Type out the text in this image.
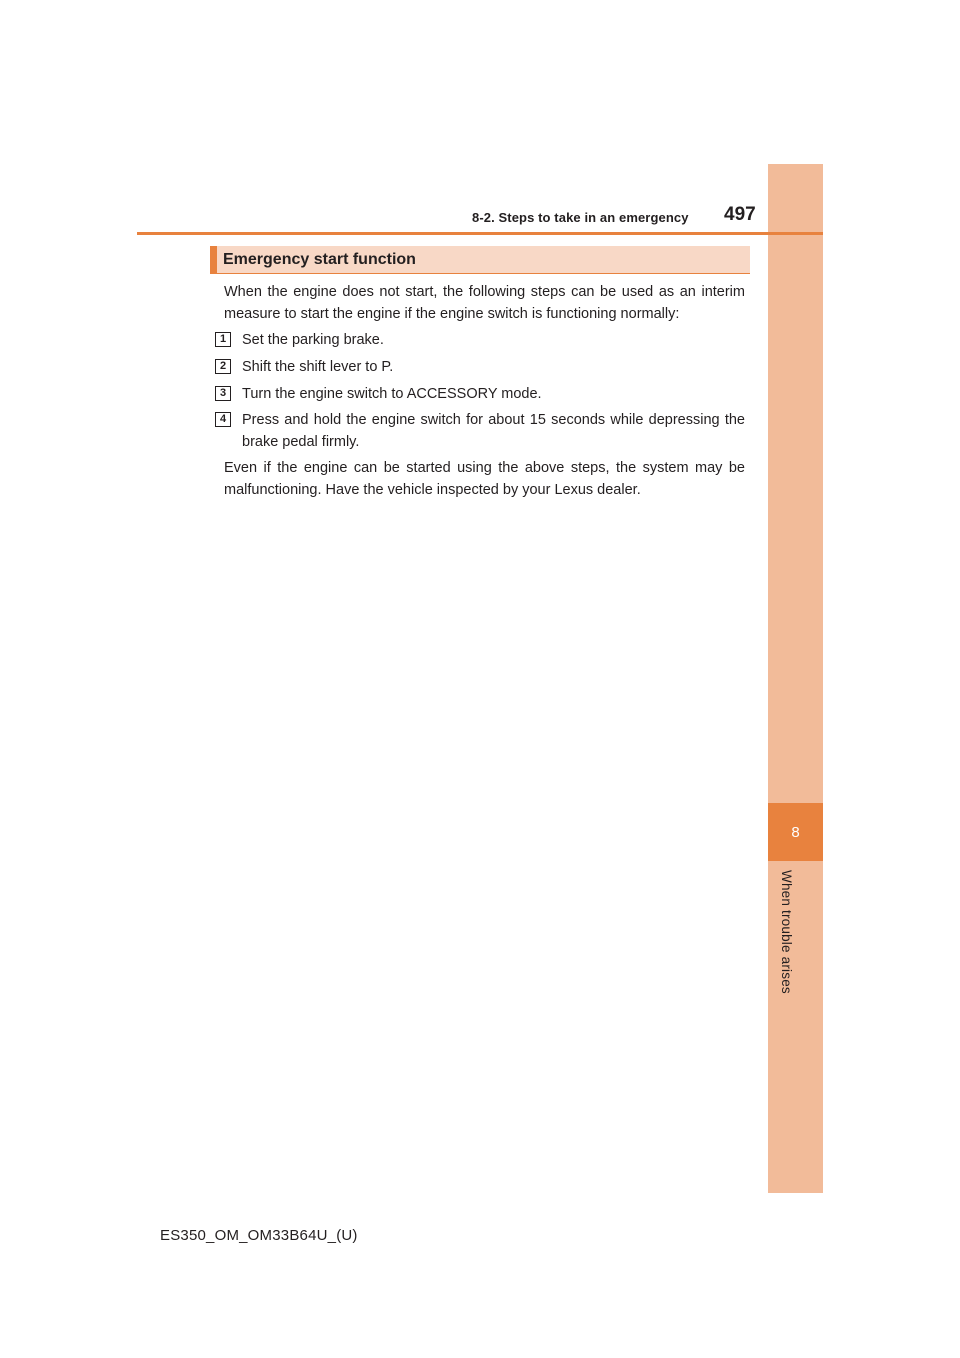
8
When trouble arises
8-2. Steps to take in an emergency 497
Emergency start function
When the engine does not start, the following steps can be used as an interim measure to start the engine if the engine switch is functioning normally:
1	Set the parking brake.
2	Shift the shift lever to P.
3	Turn the engine switch to ACCESSORY mode.
4	Press and hold the engine switch for about 15 seconds while depressing the brake pedal firmly.
Even if the engine can be started using the above steps, the system may be malfunctioning. Have the vehicle inspected by your Lexus dealer.
ES350_OM_OM33B64U_(U)
